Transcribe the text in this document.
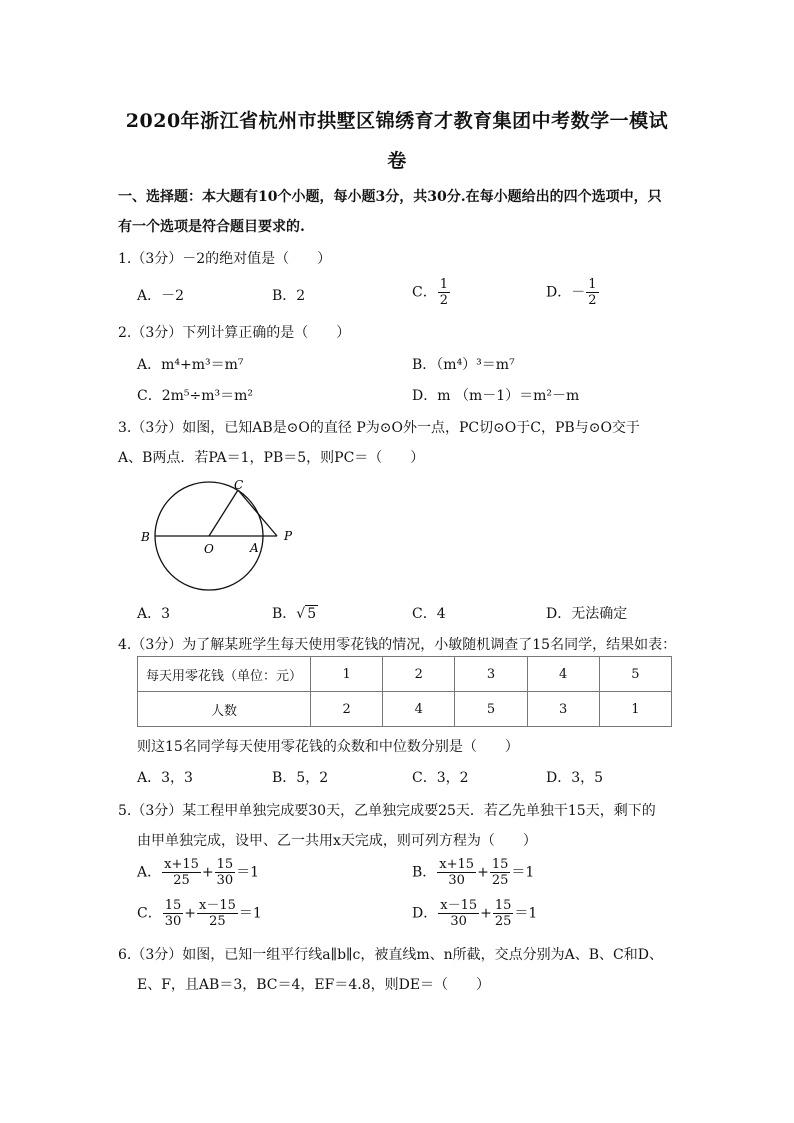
2020年浙江省杭州市拱墅区锦绣育才教育集团中考数学一模试
卷
一、选择题：本大题有10个小题，每小题3分，共30分.在每小题给出的四个选项中，只
有一个选项是符合题目要求的.
1.（3分）－2的绝对值是（　　）
A．－2	B．2	C． $\frac{1}{2}$	D．－ $\frac{1}{2}$
2.（3分）下列计算正确的是（　　）
A．m⁴+m³＝m⁷	B．（m⁴）³＝m⁷
C．2m⁵÷m³＝m²	D．m （m－1）＝m²－m
3.（3分）如图，已知AB是⊙O的直径 P为⊙O外一点，PC切⊙O于C，PB与⊙O交于
A、B两点．若PA＝1，PB＝5，则PC＝（　　）
B
O	A
P
C
A．3	B．√ 5	C．4	D．无法确定
4.（3分）为了解某班学生每天使用零花钱的情况，小敏随机调查了15名同学，结果如表：
每天用零花钱（单位：元）	1	2	3	4	5
人数	2	4	5	3	1
则这15名同学每天使用零花钱的众数和中位数分别是（　　）
A．3，3	B．5，2	C．3，2	D．3，5
5.（3分）某工程甲单独完成要30天，乙单独完成要25天．若乙先单独干15天，剩下的
由甲单独完成，设甲、乙一共用x天完成，则可列方程为（　　）
A． $\frac{x+15}{25} + \frac{15}{30} =1$	B． $\frac{x+15}{30} + \frac{15}{25} =1$
C． $\frac{15}{30} + \frac{x-15}{25} =1$	D． $\frac{x-15}{30} + \frac{15}{25} =1$
6.（3分）如图，已知一组平行线a∥b∥c，被直线m、n所截，交点分别为A、B、C和D、
E、F，且AB＝3，BC＝4，EF＝4.8，则DE＝（　　）
